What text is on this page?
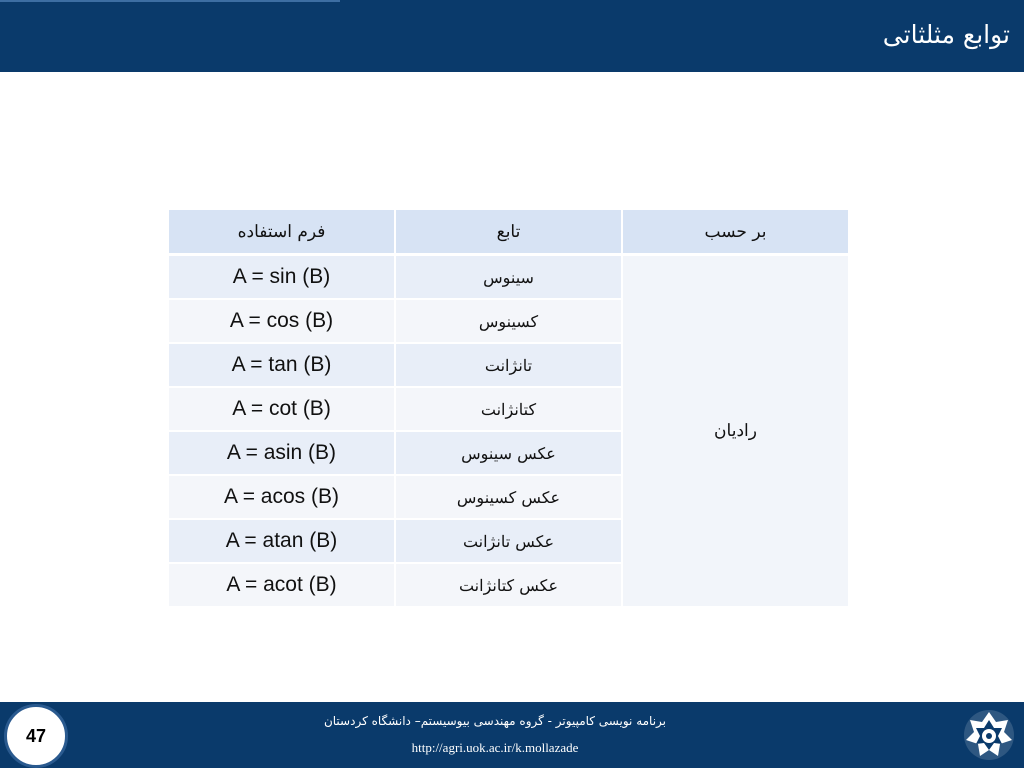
توابع مثلثاتی
فرم استفاده	تابع	بر حسب
A = sin (B)	سینوس	رادیان
A = cos (B)	کسینوس	
A = tan (B)	تانژانت	
A = cot (B)	کتانژانت	
A = asin (B)	عکس سینوس	
A = acos (B)	عکس کسینوس	
A = atan (B)	عکس تانژانت	
A = acot (B)	عکس کتانژانت	
47
برنامه نویسی کامپیوتر - گروه مهندسی بیوسیستم– دانشگاه کردستان
http://agri.uok.ac.ir/k.mollazade
